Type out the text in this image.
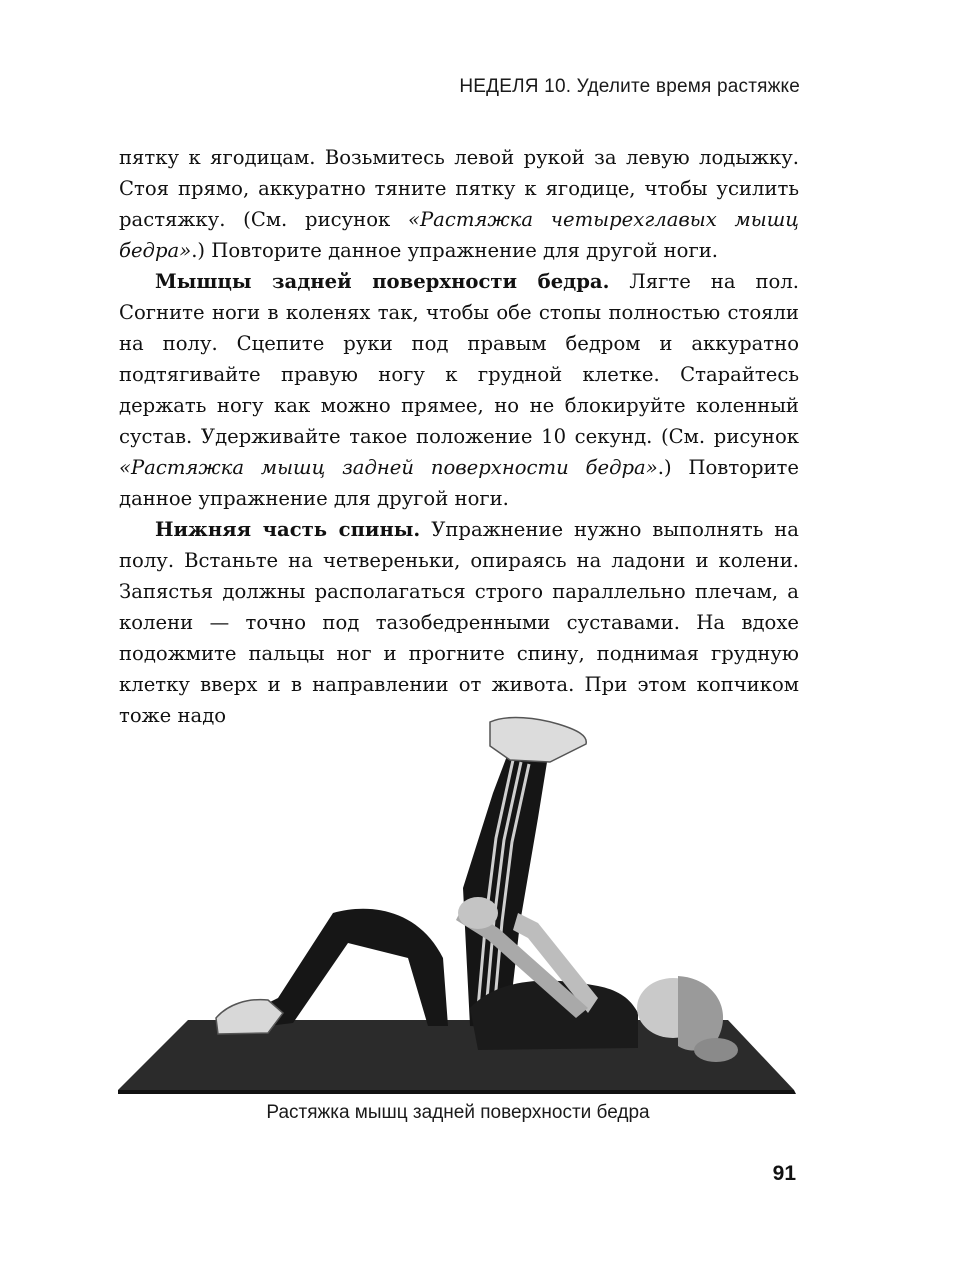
НЕДЕЛЯ 10. Уделите время растяжке

пятку к ягодицам. Возьмитесь левой рукой за левую лодыжку. Стоя прямо, аккуратно тяните пятку к ягодице, чтобы усилить растяжку. (См. рисунок «Растяжка четырехглавых мышц бедра».) Повторите данное упражнение для другой ноги.

Мышцы задней поверхности бедра. Лягте на пол. Согните ноги в коленях так, чтобы обе стопы полностью стояли на полу. Сцепите руки под правым бедром и аккуратно подтягивайте правую ногу к грудной клетке. Старайтесь держать ногу как можно прямее, но не блокируйте коленный сустав. Удерживайте такое положение 10 секунд. (См. рисунок «Растяжка мышц задней поверхности бедра».) Повторите данное упражнение для другой ноги.

Нижняя часть спины. Упражнение нужно выполнять на полу. Встаньте на четвереньки, опираясь на ладони и колени. Запястья должны располагаться строго параллельно плечам, а колени — точно под тазобедренными суставами. На вдохе подожмите пальцы ног и прогните спину, поднимая грудную клетку вверх и в направлении от живота. При этом копчиком тоже надо

Растяжка мышц задней поверхности бедра
91
